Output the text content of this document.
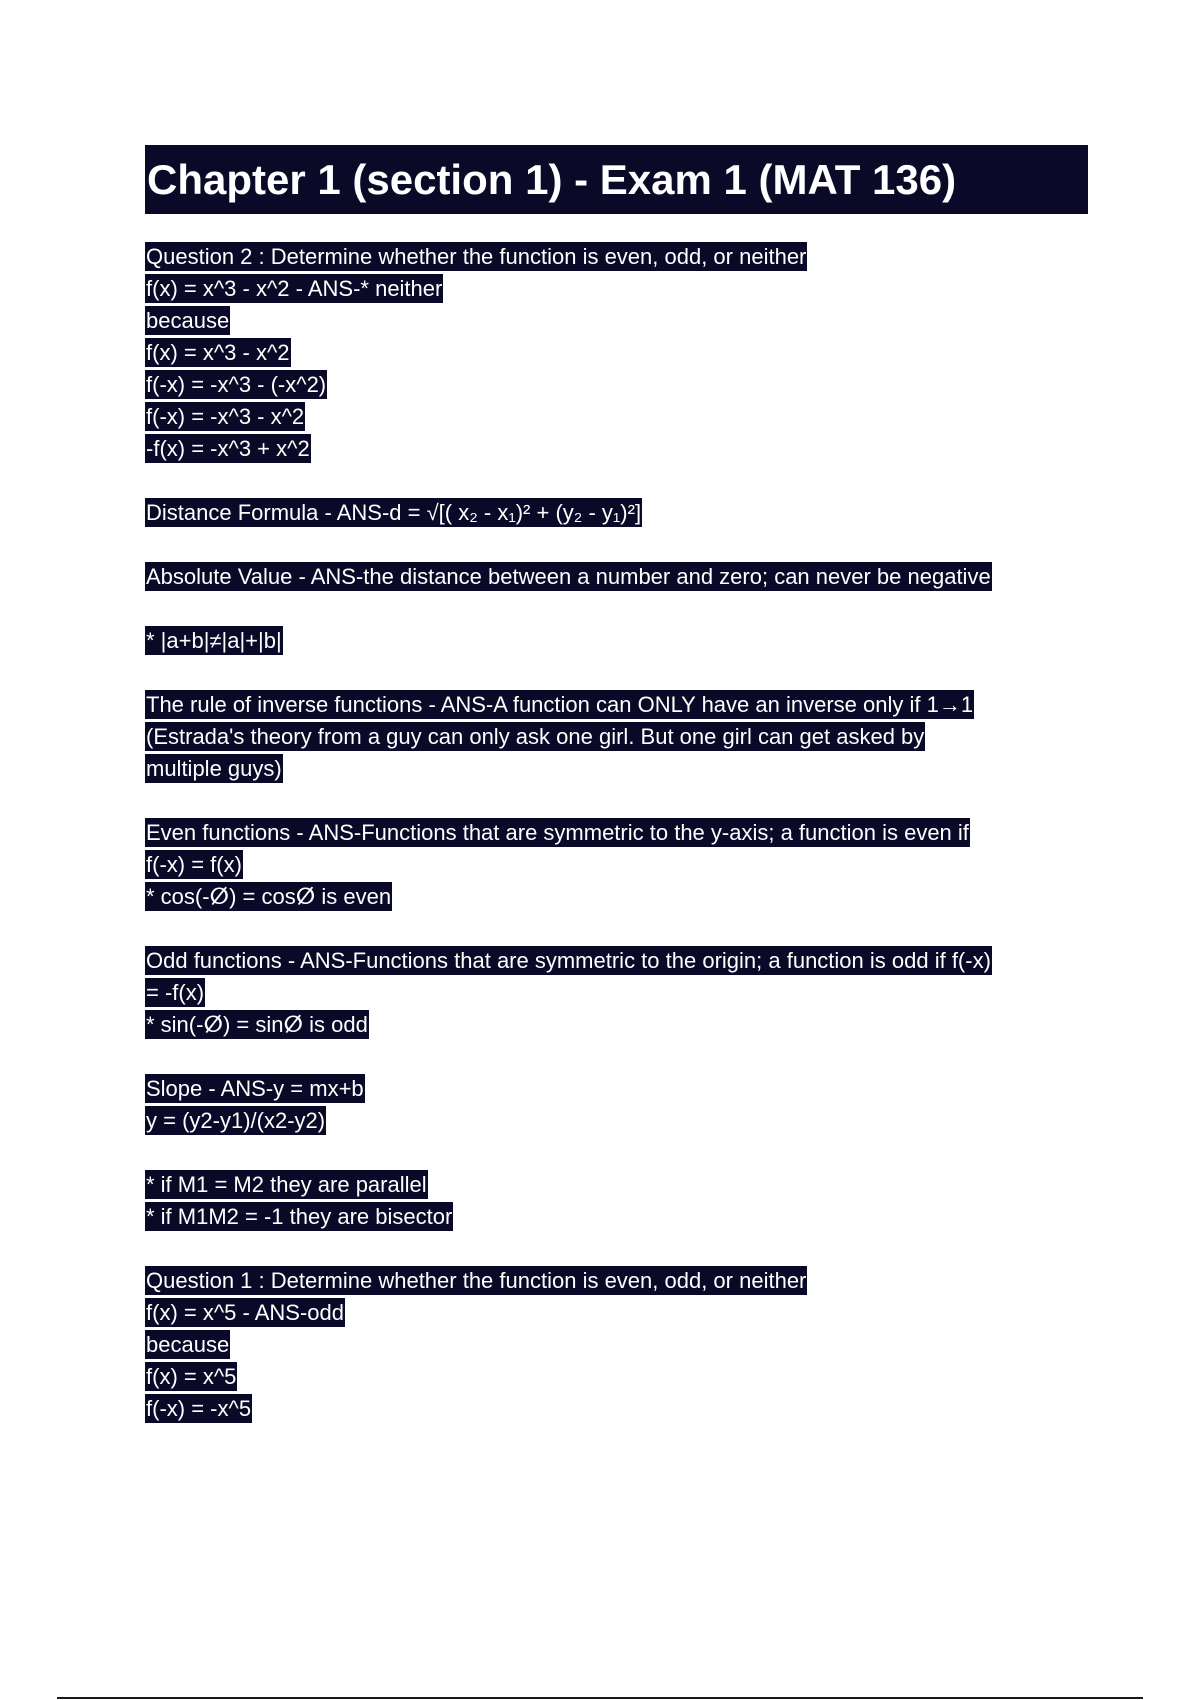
Chapter 1 (section 1) - Exam 1 (MAT 136)
Question 2 : Determine whether the function is even, odd, or neither
f(x) = x^3 - x^2 - ANS-* neither
because
f(x) = x^3 - x^2
f(-x) = -x^3 - (-x^2)
f(-x) = -x^3 - x^2
-f(x) = -x^3 + x^2
Distance Formula - ANS-d = √[( x₂ - x₁)² + (y₂ - y₁)²]
Absolute Value - ANS-the distance between a number and zero; can never be negative
* |a+b|≠|a|+|b|
The rule of inverse functions - ANS-A function can ONLY have an inverse only if 1→1
(Estrada's theory from a guy can only ask one girl. But one girl can get asked by
multiple guys)
Even functions - ANS-Functions that are symmetric to the y-axis; a function is even if
f(-x) = f(x)
* cos(-ⵁ) = cosⵁ is even
Odd functions - ANS-Functions that are symmetric to the origin; a function is odd if f(-x)
= -f(x)
* sin(-ⵁ) = sinⵁ is odd
Slope - ANS-y = mx+b
y = (y2-y1)/(x2-y2)
* if M1 = M2 they are parallel
* if M1M2 = -1 they are bisector
Question 1 : Determine whether the function is even, odd, or neither
f(x) = x^5 - ANS-odd
because
f(x) = x^5
f(-x) = -x^5
